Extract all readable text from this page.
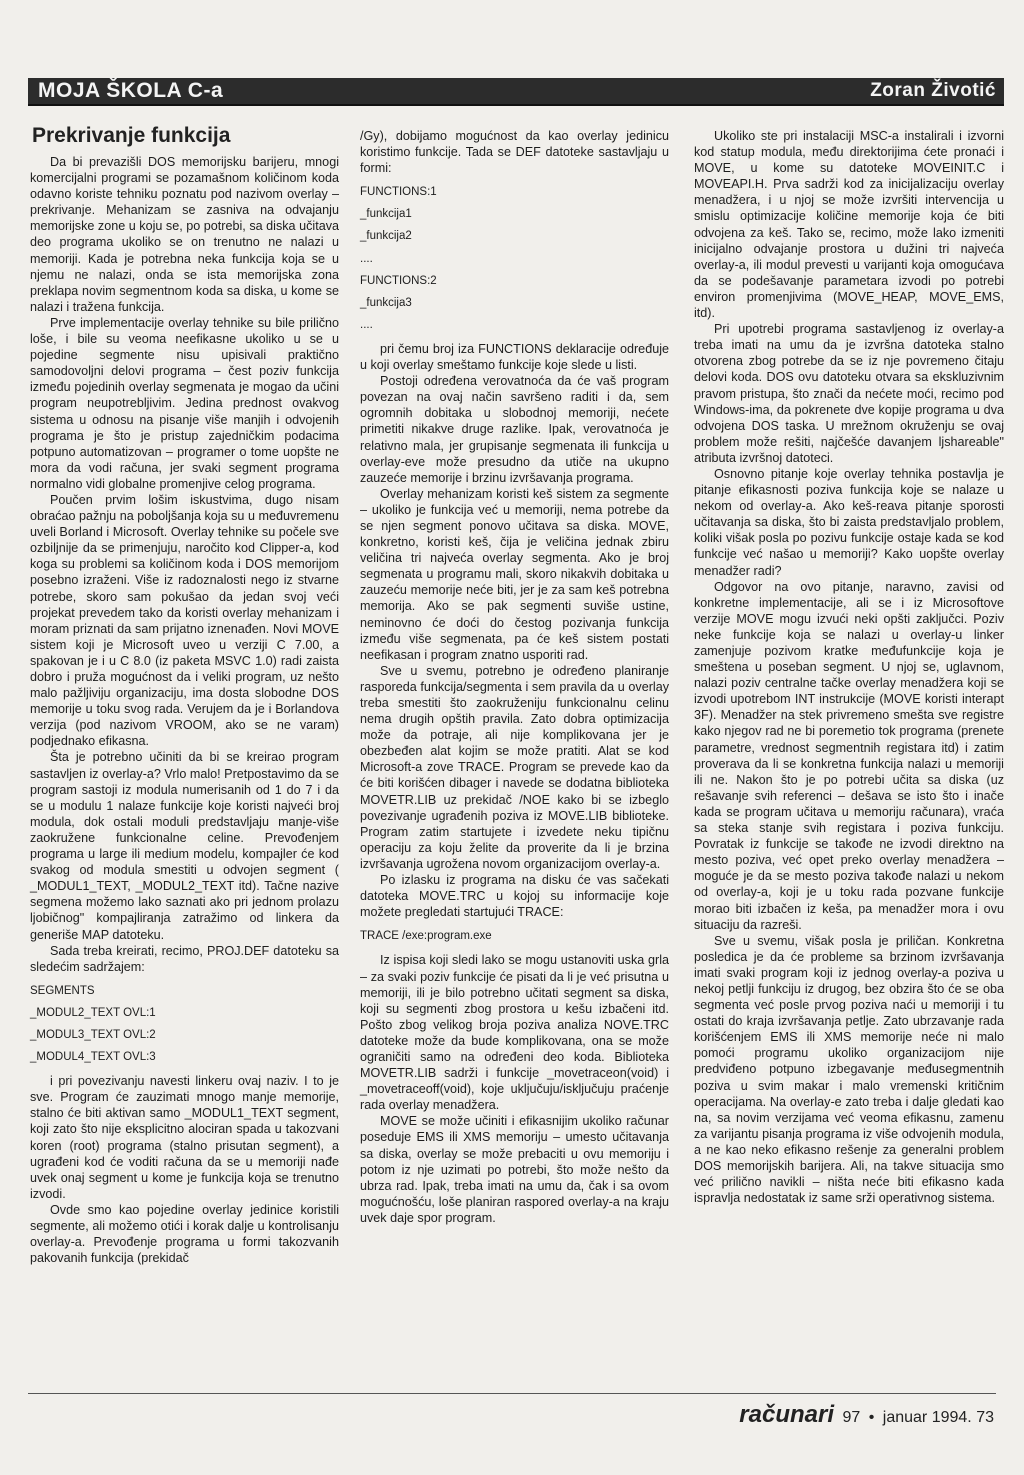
MOJA ŠKOLA C-a	Zoran Životić
Prekrivanje funkcija

Da bi prevazišli DOS memorijsku barijeru, mnogi komercijalni programi se pozamašnom količinom koda odavno koriste tehniku poznatu pod nazivom overlay – prekrivanje. Mehanizam se zasniva na odvajanju memorijske zone u koju se, po potrebi, sa diska učitava deo programa ukoliko se on trenutno ne nalazi u memoriji. Kada je potrebna neka funkcija koja se u njemu ne nalazi, onda se ista memorijska zona preklapa novim segmentnom koda sa diska, u kome se nalazi i tražena funkcija.

Prve implementacije overlay tehnike su bile prilično loše, i bile su veoma neefikasne ukoliko u se u pojedine segmente nisu upisivali praktično samodovoljni delovi programa – čest poziv funkcija između pojedinih overlay segmenata je mogao da učini program neupotrebljivim. Jedina prednost ovakvog sistema u odnosu na pisanje više manjih i odvojenih programa je što je pristup zajedničkim podacima potpuno automatizovan – programer o tome uopšte ne mora da vodi računa, jer svaki segment programa normalno vidi globalne promenjive celog programa.

Poučen prvim lošim iskustvima, dugo nisam obraćao pažnju na poboljšanja koja su u međuvremenu uveli Borland i Microsoft. Overlay tehnike su počele sve ozbiljnije da se primenjuju, naročito kod Clipper-a, kod koga su problemi sa količinom koda i DOS memorijom posebno izraženi. Više iz radoznalosti nego iz stvarne potrebe, skoro sam pokušao da jedan svoj veći projekat prevedem tako da koristi overlay mehanizam i moram priznati da sam prijatno iznenađen. Novi MOVE sistem koji je Microsoft uveo u verziji C 7.00, a spakovan je i u C 8.0 (iz paketa MSVC 1.0) radi zaista dobro i pruža mogućnost da i veliki program, uz nešto malo pažljiviju organizaciju, ima dosta slobodne DOS memorije u toku svog rada. Verujem da je i Borlandova verzija (pod nazivom VROOM, ako se ne varam) podjednako efikasna.

Šta je potrebno učiniti da bi se kreirao program sastavljen iz overlay-a? Vrlo malo! Pretpostavimo da se program sastoji iz modula numerisanih od 1 do 7 i da se u modulu 1 nalaze funkcije koje koristi najveći broj modula, dok ostali moduli predstavljaju manje-više zaokružene funkcionalne celine. Prevođenjem programa u large ili medium modelu, kompajler će kod svakog od modula smestiti u odvojen segment ( _MODUL1_TEXT, _MODUL2_TEXT itd). Tačne nazive segmena možemo lako saznati ako pri jednom prolazu ljobičnog" kompajliranja zatražimo od linkera da generiše MAP datoteku.

Sada treba kreirati, recimo, PROJ.DEF datoteku sa sledećim sadržajem:

SEGMENTS

_MODUL2_TEXT OVL:1

_MODUL3_TEXT OVL:2

_MODUL4_TEXT OVL:3

i pri povezivanju navesti linkeru ovaj naziv. I to je sve. Program će zauzimati mnogo manje memorije, stalno će biti aktivan samo _MODUL1_TEXT segment, koji zato što nije eksplicitno alociran spada u takozvani koren (root) programa (stalno prisutan segment), a ugrađeni kod će voditi računa da se u memoriji nađe uvek onaj segment u kome je funkcija koja se trenutno izvodi.

Ovde smo kao pojedine overlay jedinice koristili segmente, ali možemo otići i korak dalje u kontrolisanju overlay-a. Prevođenje programa u formi takozvanih pakovanih funkcija (prekidač

/Gy), dobijamo mogućnost da kao overlay jedinicu koristimo funkcije. Tada se DEF datoteke sastavljaju u formi:

FUNCTIONS:1

_funkcija1

_funkcija2

....

FUNCTIONS:2

_funkcija3

....

pri čemu broj iza FUNCTIONS deklaracije određuje u koji overlay smeštamo funkcije koje slede u listi.

Postoji određena verovatnoća da će vaš program povezan na ovaj način savršeno raditi i da, sem ogromnih dobitaka u slobodnoj memoriji, nećete primetiti nikakve druge razlike. Ipak, verovatnoća je relativno mala, jer grupisanje segmenata ili funkcija u overlay-eve može presudno da utiče na ukupno zauzeće memorije i brzinu izvršavanja programa.

Overlay mehanizam koristi keš sistem za segmente – ukoliko je funkcija već u memoriji, nema potrebe da se njen segment ponovo učitava sa diska. MOVE, konkretno, koristi keš, čija je veličina jednak zbiru veličina tri najveća overlay segmenta. Ako je broj segmenata u programu mali, skoro nikakvih dobitaka u zauzeću memorije neće biti, jer je za sam keš potrebna memorija. Ako se pak segmenti suviše ustine, neminovno će doći do čestog pozivanja funkcija između više segmenata, pa će keš sistem postati neefikasan i program znatno usporiti rad.

Sve u svemu, potrebno je određeno planiranje rasporeda funkcija/segmenta i sem pravila da u overlay treba smestiti što zaokruženiju funkcionalnu celinu nema drugih opštih pravila. Zato dobra optimizacija može da potraje, ali nije komplikovana jer je obezbeđen alat kojim se može pratiti. Alat se kod Microsoft-a zove TRACE. Program se prevede kao da će biti korišćen dibager i navede se dodatna biblioteka MOVETR.LIB uz prekidač /NOE kako bi se izbeglo povezivanje ugrađenih poziva iz MOVE.LIB biblioteke. Program zatim startujete i izvedete neku tipičnu operaciju za koju želite da proverite da li je brzina izvršavanja ugrožena novom organizacijom overlay-a.

Po izlasku iz programa na disku će vas sačekati datoteka MOVE.TRC u kojoj su informacije koje možete pregledati startujući TRACE:

TRACE /exe:program.exe

Iz ispisa koji sledi lako se mogu ustanoviti uska grla – za svaki poziv funkcije će pisati da li je već prisutna u memoriji, ili je bilo potrebno učitati segment sa diska, koji su segmenti zbog prostora u kešu izbačeni itd. Pošto zbog velikog broja poziva analiza NOVE.TRC datoteke može da bude komplikovana, ona se može ograničiti samo na određeni deo koda. Biblioteka MOVETR.LIB sadrži i funkcije _movetraceon(void) i _movetraceoff(void), koje uključuju/isključuju praćenje rada overlay menadžera.

MOVE se može učiniti i efikasnijim ukoliko računar poseduje EMS ili XMS memoriju – umesto učitavanja sa diska, overlay se može prebaciti u ovu memoriju i potom iz nje uzimati po potrebi, što može nešto da ubrza rad. Ipak, treba imati na umu da, čak i sa ovom mogućnošću, loše planiran raspored overlay-a na kraju uvek daje spor program.

Ukoliko ste pri instalaciji MSC-a instalirali i izvorni kod statup modula, među direktorijima ćete pronaći i MOVE, u kome su datoteke MOVEINIT.C i MOVEAPI.H. Prva sadrži kod za inicijalizaciju overlay menadžera, i u njoj se može izvršiti intervencija u smislu optimizacije količine memorije koja će biti odvojena za keš. Tako se, recimo, može lako izmeniti inicijalno odvajanje prostora u dužini tri najveća overlay-a, ili modul prevesti u varijanti koja omogućava da se podešavanje parametara izvodi po potrebi environ promenjivima (MOVE_HEAP, MOVE_EMS, itd).

Pri upotrebi programa sastavljenog iz overlay-a treba imati na umu da je izvršna datoteka stalno otvorena zbog potrebe da se iz nje povremeno čitaju delovi koda. DOS ovu datoteku otvara sa ekskluzivnim pravom pristupa, što znači da nećete moći, recimo pod Windows-ima, da pokrenete dve kopije programa u dva odvojena DOS taska. U mrežnom okruženju se ovaj problem može rešiti, najčešće davanjem ljshareable" atributa izvršnoj datoteci.

Osnovno pitanje koje overlay tehnika postavlja je pitanje efikasnosti poziva funkcija koje se nalaze u nekom od overlay-a. Ako keš-reava pitanje sporosti učitavanja sa diska, što bi zaista predstavljalo problem, koliki višak posla po pozivu funkcije ostaje kada se kod funkcije već našao u memoriji? Kako uopšte overlay menadžer radi?

Odgovor na ovo pitanje, naravno, zavisi od konkretne implementacije, ali se i iz Microsoftove verzije MOVE mogu izvući neki opšti zaključci. Poziv neke funkcije koja se nalazi u overlay-u linker zamenjuje pozivom kratke međufunkcije koja je smeštena u poseban segment. U njoj se, uglavnom, nalazi poziv centralne tačke overlay menadžera koji se izvodi upotrebom INT instrukcije (MOVE koristi interapt 3F). Menadžer na stek privremeno smešta sve registre kako njegov rad ne bi poremetio tok programa (prenete parametre, vrednost segmentnih registara itd) i zatim proverava da li se konkretna funkcija nalazi u memoriji ili ne. Nakon što je po potrebi učita sa diska (uz rešavanje svih referenci – dešava se isto što i inače kada se program učitava u memoriju računara), vraća sa steka stanje svih registara i poziva funkciju. Povratak iz funkcije se takođe ne izvodi direktno na mesto poziva, već opet preko overlay menadžera – moguće je da se mesto poziva takođe nalazi u nekom od overlay-a, koji je u toku rada pozvane funkcije morao biti izbačen iz keša, pa menadžer mora i ovu situaciju da razreši.

Sve u svemu, višak posla je priličan. Konkretna posledica je da će probleme sa brzinom izvršavanja imati svaki program koji iz jednog overlay-a poziva u nekoj petlji funkciju iz drugog, bez obzira što će se oba segmenta već posle prvog poziva naći u memoriji i tu ostati do kraja izvršavanja petlje. Zato ubrzavanje rada korišćenjem EMS ili XMS memorije neće ni malo pomoći programu ukoliko organizacijom nije predviđeno potpuno izbegavanje međusegmentnih poziva u svim makar i malo vremenski kritičnim operacijama. Na overlay-e zato treba i dalje gledati kao na, sa novim verzijama već veoma efikasnu, zamenu za varijantu pisanja programa iz više odvojenih modula, a ne kao neko efikasno rešenje za generalni problem DOS memorijskih barijera. Ali, na takve situacija smo već prilično navikli – ništa neće biti efikasno kada ispravlja nedostatak iz same srži operativnog sistema.

računari 97 • januar 1994. 73
